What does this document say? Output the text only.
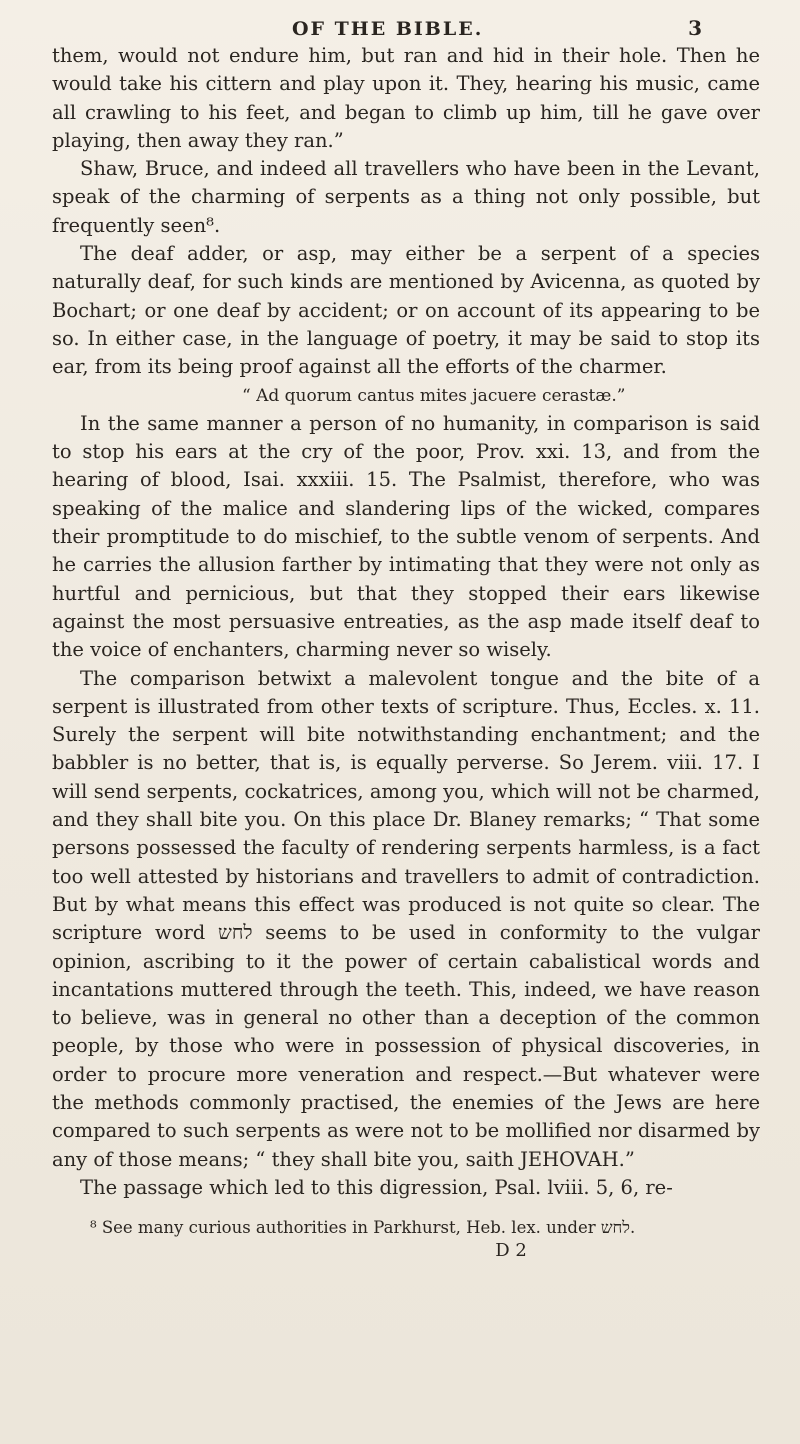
OF THE BIBLE.	3

them, would not endure him, but ran and hid in their hole. Then he would take his cittern and play upon it. They, hearing his music, came all crawling to his feet, and began to climb up him, till he gave over playing, then away they ran.”

Shaw, Bruce, and indeed all travellers who have been in the Levant, speak of the charming of serpents as a thing not only possible, but frequently seen⁸.

The deaf adder, or asp, may either be a serpent of a species naturally deaf, for such kinds are mentioned by Avicenna, as quoted by Bochart; or one deaf by accident; or on account of its appearing to be so. In either case, in the language of poetry, it may be said to stop its ear, from its being proof against all the efforts of the charmer.

“ Ad quorum cantus mites jacuere cerastæ.”

In the same manner a person of no humanity, in comparison is said to stop his ears at the cry of the poor, Prov. xxi. 13, and from the hearing of blood, Isai. xxxiii. 15. The Psalmist, therefore, who was speaking of the malice and slandering lips of the wicked, compares their promptitude to do mischief, to the subtle venom of serpents. And he carries the allusion farther by intimating that they were not only as hurtful and pernicious, but that they stopped their ears likewise against the most persuasive entreaties, as the asp made itself deaf to the voice of enchanters, charming never so wisely.

The comparison betwixt a malevolent tongue and the bite of a serpent is illustrated from other texts of scripture. Thus, Eccles. x. 11. Surely the serpent will bite notwithstanding enchantment; and the babbler is no better, that is, is equally perverse. So Jerem. viii. 17. I will send serpents, cockatrices, among you, which will not be charmed, and they shall bite you. On this place Dr. Blaney remarks; “ That some persons possessed the faculty of rendering serpents harmless, is a fact too well attested by historians and travellers to admit of contradiction. But by what means this effect was produced is not quite so clear. The scripture word לחש seems to be used in conformity to the vulgar opinion, ascribing to it the power of certain cabalistical words and incantations muttered through the teeth. This, indeed, we have reason to believe, was in general no other than a deception of the common people, by those who were in possession of physical discoveries, in order to procure more veneration and respect.—But whatever were the methods commonly practised, the enemies of the Jews are here compared to such serpents as were not to be mollified nor disarmed by any of those means; “ they shall bite you, saith JEHOVAH.”

The passage which led to this digression, Psal. lviii. 5, 6, re-

⁸ See many curious authorities in Parkhurst, Heb. lex. under לחש.
D 2
